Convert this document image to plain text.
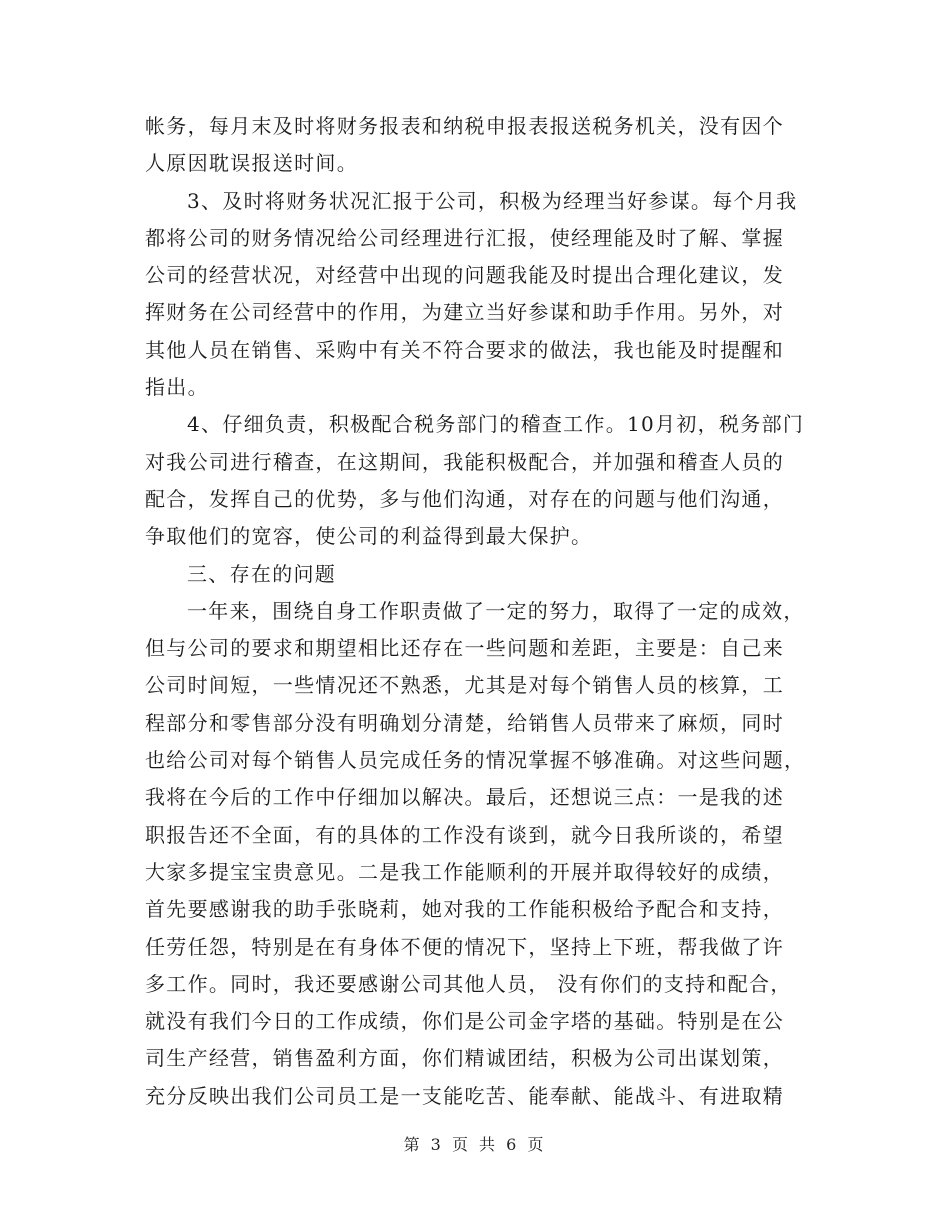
帐务，每月末及时将财务报表和纳税申报表报送税务机关，没有因个
人原因耽误报送时间。
3、及时将财务状况汇报于公司，积极为经理当好参谋。每个月我
都将公司的财务情况给公司经理进行汇报，使经理能及时了解、掌握
公司的经营状况，对经营中出现的问题我能及时提出合理化建议，发
挥财务在公司经营中的作用，为建立当好参谋和助手作用。另外，对
其他人员在销售、采购中有关不符合要求的做法，我也能及时提醒和
指出。
4、仔细负责，积极配合税务部门的稽查工作。10月初，税务部门
对我公司进行稽查，在这期间，我能积极配合，并加强和稽查人员的
配合，发挥自己的优势，多与他们沟通，对存在的问题与他们沟通，
争取他们的宽容，使公司的利益得到最大保护。
三、存在的问题
一年来，围绕自身工作职责做了一定的努力，取得了一定的成效，
但与公司的要求和期望相比还存在一些问题和差距，主要是：自己来
公司时间短，一些情况还不熟悉，尤其是对每个销售人员的核算，工
程部分和零售部分没有明确划分清楚，给销售人员带来了麻烦，同时
也给公司对每个销售人员完成任务的情况掌握不够准确。对这些问题，
我将在今后的工作中仔细加以解决。最后，还想说三点：一是我的述
职报告还不全面，有的具体的工作没有谈到，就今日我所谈的，希望
大家多提宝宝贵意见。二是我工作能顺利的开展并取得较好的成绩，
首先要感谢我的助手张晓莉，她对我的工作能积极给予配合和支持，
任劳任怨，特别是在有身体不便的情况下，坚持上下班，帮我做了许
多工作。同时，我还要感谢公司其他人员， 没有你们的支持和配合，
就没有我们今日的工作成绩，你们是公司金字塔的基础。特别是在公
司生产经营，销售盈利方面，你们精诚团结，积极为公司出谋划策，
充分反映出我们公司员工是一支能吃苦、能奉献、能战斗、有进取精
第 3 页 共 6 页
